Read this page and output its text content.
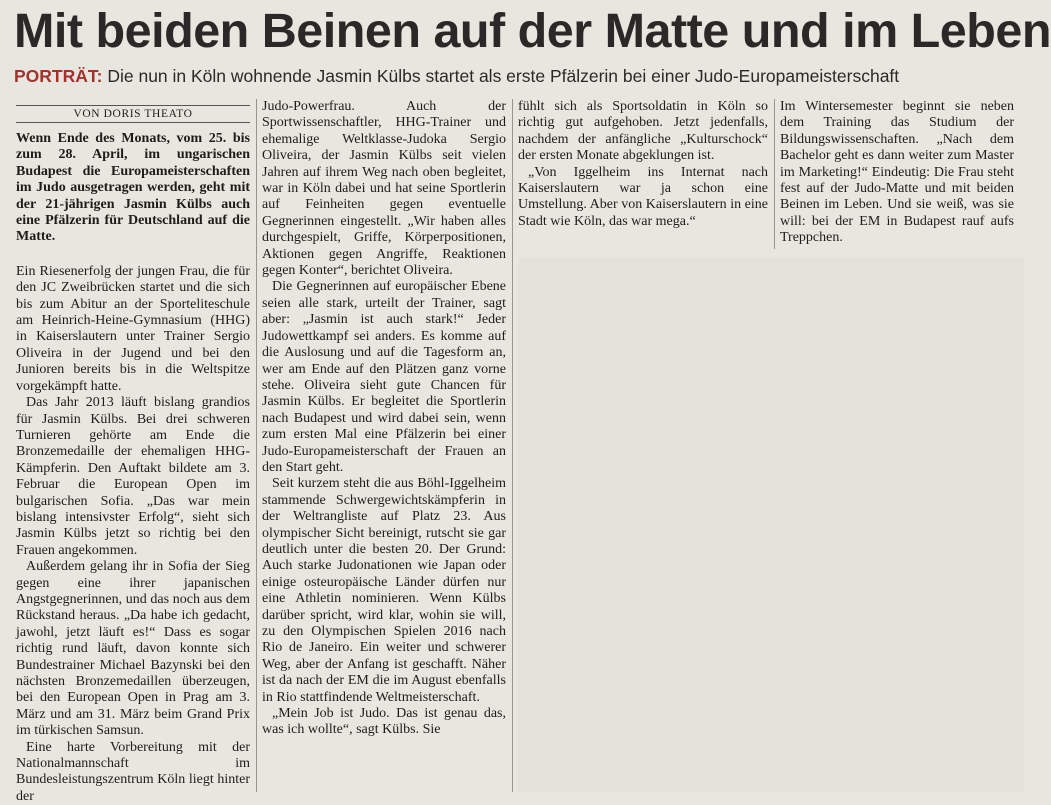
Mit beiden Beinen auf der Matte und im Leben
PORTRÄT: Die nun in Köln wohnende Jasmin Külbs startet als erste Pfälzerin bei einer Judo-Europameisterschaft
VON DORIS THEATO
Wenn Ende des Monats, vom 25. bis zum 28. April, im ungarischen Budapest die Europameisterschaften im Judo ausgetragen werden, geht mit der 21-jährigen Jasmin Külbs auch eine Pfälzerin für Deutschland auf die Matte.

Ein Riesenerfolg der jungen Frau, die für den JC Zweibrücken startet und die sich bis zum Abitur an der Sporteliteschule am Heinrich-Heine-Gymnasium (HHG) in Kaiserslautern unter Trainer Sergio Oliveira in der Jugend und bei den Junioren bereits bis in die Weltspitze vorgekämpft hatte.

Das Jahr 2013 läuft bislang grandios für Jasmin Külbs. Bei drei schweren Turnieren gehörte am Ende die Bronzemedaille der ehemaligen HHG-Kämpferin. Den Auftakt bildete am 3. Februar die European Open im bulgarischen Sofia. „Das war mein bislang intensivster Erfolg“, sieht sich Jasmin Külbs jetzt so richtig bei den Frauen angekommen.

Außerdem gelang ihr in Sofia der Sieg gegen eine ihrer japanischen Angstgegnerinnen, und das noch aus dem Rückstand heraus. „Da habe ich gedacht, jawohl, jetzt läuft es!“ Dass es sogar richtig rund läuft, davon konnte sich Bundestrainer Michael Bazynski bei den nächsten Bronzemedaillen überzeugen, bei den European Open in Prag am 3. März und am 31. März beim Grand Prix im türkischen Samsun.

Eine harte Vorbereitung mit der Nationalmannschaft im Bundesleistungszentrum Köln liegt hinter der

Judo-Powerfrau. Auch der Sportwissenschaftler, HHG-Trainer und ehemalige Weltklasse-Judoka Sergio Oliveira, der Jasmin Külbs seit vielen Jahren auf ihrem Weg nach oben begleitet, war in Köln dabei und hat seine Sportlerin auf Feinheiten gegen eventuelle Gegnerinnen eingestellt. „Wir haben alles durchgespielt, Griffe, Körperpositionen, Aktionen gegen Angriffe, Reaktionen gegen Konter“, berichtet Oliveira.

Die Gegnerinnen auf europäischer Ebene seien alle stark, urteilt der Trainer, sagt aber: „Jasmin ist auch stark!“ Jeder Judowettkampf sei anders. Es komme auf die Auslosung und auf die Tagesform an, wer am Ende auf den Plätzen ganz vorne stehe. Oliveira sieht gute Chancen für Jasmin Külbs. Er begleitet die Sportlerin nach Budapest und wird dabei sein, wenn zum ersten Mal eine Pfälzerin bei einer Judo-Europameisterschaft der Frauen an den Start geht.

Seit kurzem steht die aus Böhl-Iggelheim stammende Schwergewichtskämpferin in der Weltrangliste auf Platz 23. Aus olympischer Sicht bereinigt, rutscht sie gar deutlich unter die besten 20. Der Grund: Auch starke Judonationen wie Japan oder einige osteuropäische Länder dürfen nur eine Athletin nominieren. Wenn Külbs darüber spricht, wird klar, wohin sie will, zu den Olympischen Spielen 2016 nach Rio de Janeiro. Ein weiter und schwerer Weg, aber der Anfang ist geschafft. Näher ist da nach der EM die im August ebenfalls in Rio stattfindende Weltmeisterschaft.

„Mein Job ist Judo. Das ist genau das, was ich wollte“, sagt Külbs. Sie

fühlt sich als Sportsoldatin in Köln so richtig gut aufgehoben. Jetzt jedenfalls, nachdem der anfängliche „Kulturschock“ der ersten Monate abgeklungen ist.

„Von Iggelheim ins Internat nach Kaiserslautern war ja schon eine Umstellung. Aber von Kaiserslautern in eine Stadt wie Köln, das war mega.“

Im Wintersemester beginnt sie neben dem Training das Studium der Bildungswissenschaften. „Nach dem Bachelor geht es dann weiter zum Master im Marketing!“ Eindeutig: Die Frau steht fest auf der Judo-Matte und mit beiden Beinen im Leben. Und sie weiß, was sie will: bei der EM in Budapest rauf aufs Treppchen.
